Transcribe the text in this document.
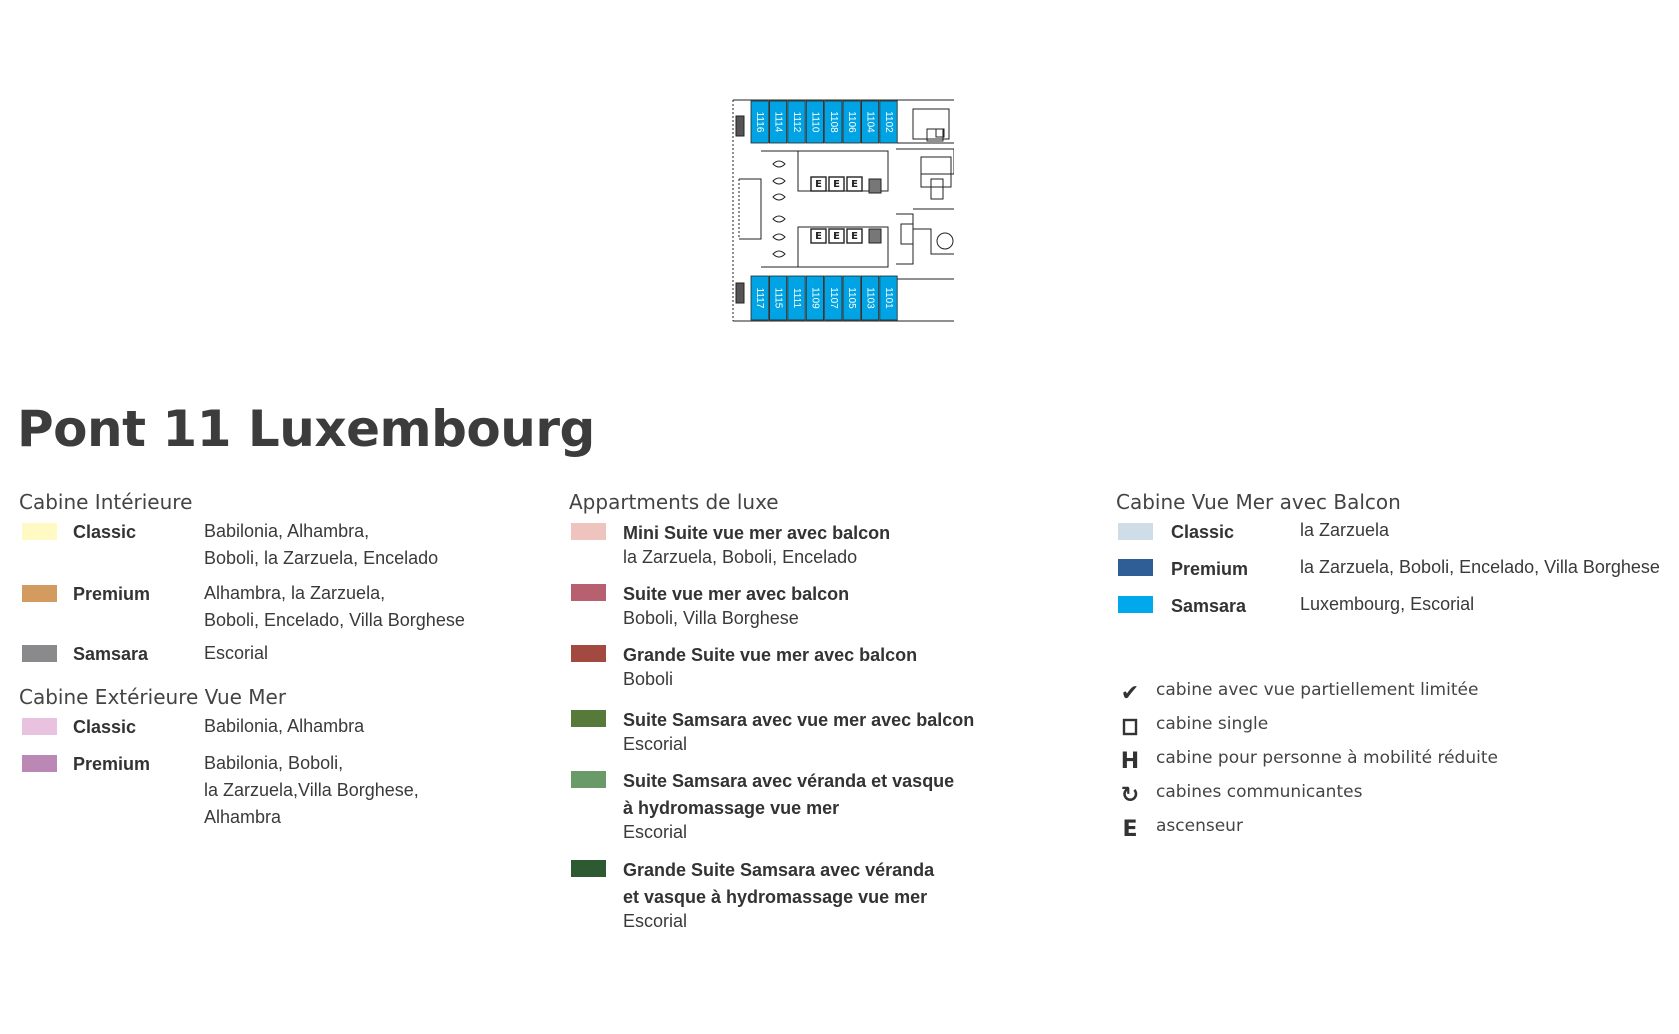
1116 1114 1112 1110 1108 1106 1104 1102
1117 1115 1111 1109 1107 1105 1103 1101
E E E
E E E
Pont 11 Luxembourg
Cabine Intérieure
Classic	Babilonia, Alhambra,
Boboli, la Zarzuela, Encelado
Premium	Alhambra, la Zarzuela,
Boboli, Encelado, Villa Borghese
Samsara	Escorial
Cabine Extérieure Vue Mer
Classic	Babilonia, Alhambra
Premium	Babilonia, Boboli,
la Zarzuela,Villa Borghese,
Alhambra
Appartments de luxe
Mini Suite vue mer avec balcon
la Zarzuela, Boboli, Encelado
Suite vue mer avec balcon
Boboli, Villa Borghese
Grande Suite vue mer avec balcon
Boboli
Suite Samsara avec vue mer avec balcon
Escorial
Suite Samsara avec véranda et vasque
à hydromassage vue mer
Escorial
Grande Suite Samsara avec véranda
et vasque à hydromassage vue mer
Escorial
Cabine Vue Mer avec Balcon
Classic	la Zarzuela
Premium	la Zarzuela, Boboli, Encelado, Villa Borghese
Samsara	Luxembourg, Escorial
✔ cabine avec vue partiellement limitée
cabine single
H cabine pour personne à mobilité réduite
↻ cabines communicantes
E	ascenseur
